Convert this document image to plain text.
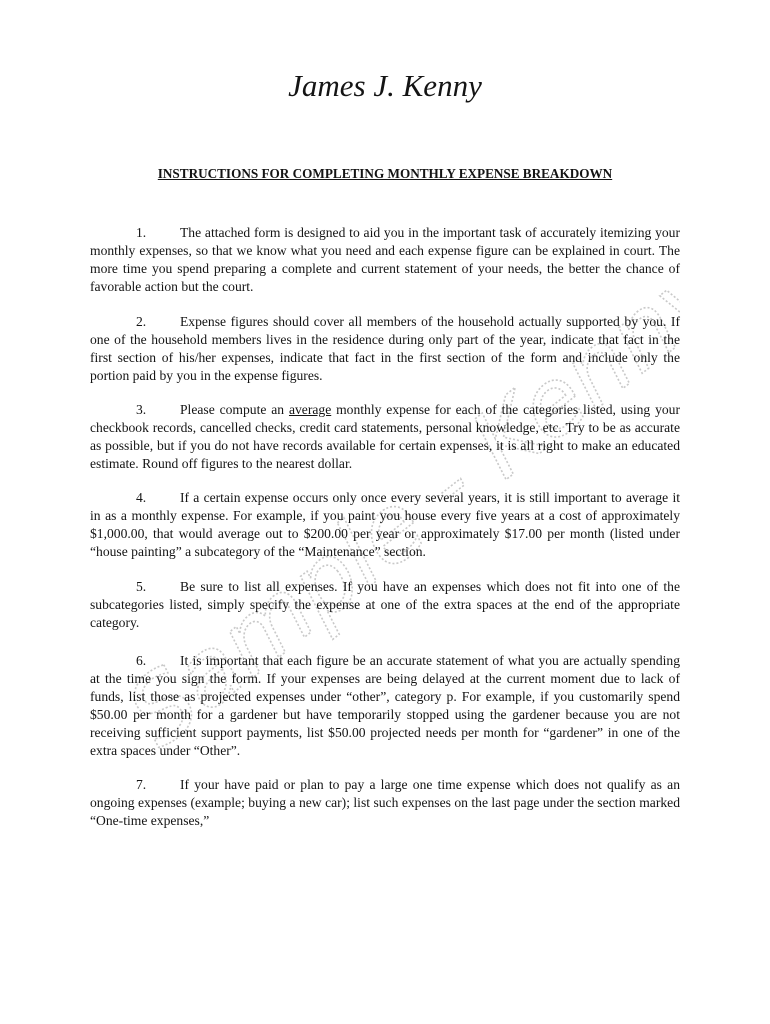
Sample - Kenny
James J. Kenny
INSTRUCTIONS FOR COMPLETING MONTHLY EXPENSE BREAKDOWN

1. The attached form is designed to aid you in the important task of accurately itemizing your monthly expenses, so that we know what you need and each expense figure can be explained in court. The more time you spend preparing a complete and current statement of your needs, the better the chance of favorable action but the court.

2. Expense figures should cover all members of the household actually supported by you. If one of the household members lives in the residence during only part of the year, indicate that fact in the first section of his/her expenses, indicate that fact in the first section of the form and include only the portion paid by you in the expense figures.

3. Please compute an average monthly expense for each of the categories listed, using your checkbook records, cancelled checks, credit card statements, personal knowledge, etc. Try to be as accurate as possible, but if you do not have records available for certain expenses, it is all right to make an educated estimate. Round off figures to the nearest dollar.

4. If a certain expense occurs only once every several years, it is still important to average it in as a monthly expense. For example, if you paint you house every five years at a cost of approximately $1,000.00, that would average out to $200.00 per year or approximately $17.00 per month (listed under “house painting” a subcategory of the “Maintenance” section.

5. Be sure to list all expenses. If you have an expenses which does not fit into one of the subcategories listed, simply specify the expense at one of the extra spaces at the end of the appropriate category.

6. It is important that each figure be an accurate statement of what you are actually spending at the time you sign the form. If your expenses are being delayed at the current moment due to lack of funds, list those as projected expenses under “other”, category p. For example, if you customarily spend $50.00 per month for a gardener but have temporarily stopped using the gardener because you are not receiving sufficient support payments, list $50.00 projected needs per month for “gardener” in one of the extra spaces under “Other”.

7. If your have paid or plan to pay a large one time expense which does not qualify as an ongoing expenses (example; buying a new car); list such expenses on the last page under the section marked “One-time expenses,”
